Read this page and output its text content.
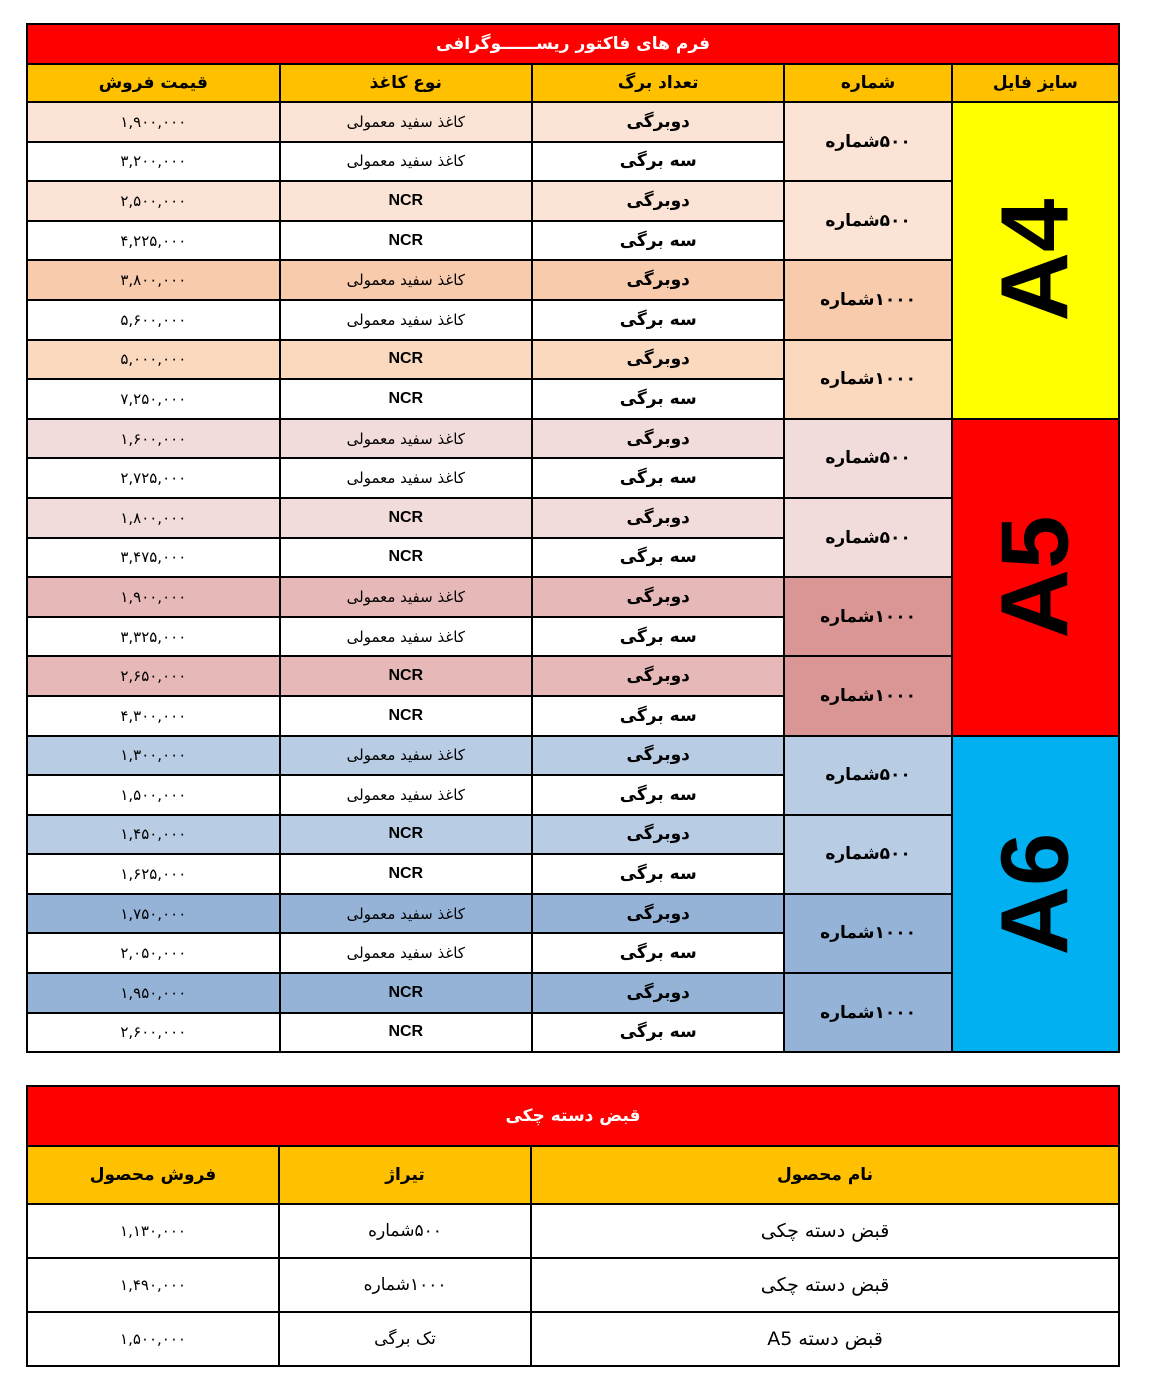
فرم های فاکتور ریســــــوگرافی				
سایز فایل	شماره	تعداد برگ	نوع کاغذ	قیمت فروش
A4	۵۰۰شماره	دوبرگی	کاغذ سفید معمولی	۱,۹۰۰,۰۰۰
		سه برگی	کاغذ سفید معمولی	۳,۲۰۰,۰۰۰
	۵۰۰شماره	دوبرگی	NCR	۲,۵۰۰,۰۰۰
		سه برگی	NCR	۴,۲۲۵,۰۰۰
	۱۰۰۰شماره	دوبرگی	کاغذ سفید معمولی	۳,۸۰۰,۰۰۰
		سه برگی	کاغذ سفید معمولی	۵,۶۰۰,۰۰۰
	۱۰۰۰شماره	دوبرگی	NCR	۵,۰۰۰,۰۰۰
		سه برگی	NCR	۷,۲۵۰,۰۰۰
A5	۵۰۰شماره	دوبرگی	کاغذ سفید معمولی	۱,۶۰۰,۰۰۰
		سه برگی	کاغذ سفید معمولی	۲,۷۲۵,۰۰۰
	۵۰۰شماره	دوبرگی	NCR	۱,۸۰۰,۰۰۰
		سه برگی	NCR	۳,۴۷۵,۰۰۰
	۱۰۰۰شماره	دوبرگی	کاغذ سفید معمولی	۱,۹۰۰,۰۰۰
		سه برگی	کاغذ سفید معمولی	۳,۳۲۵,۰۰۰
	۱۰۰۰شماره	دوبرگی	NCR	۲,۶۵۰,۰۰۰
		سه برگی	NCR	۴,۳۰۰,۰۰۰
A6	۵۰۰شماره	دوبرگی	کاغذ سفید معمولی	۱,۳۰۰,۰۰۰
		سه برگی	کاغذ سفید معمولی	۱,۵۰۰,۰۰۰
	۵۰۰شماره	دوبرگی	NCR	۱,۴۵۰,۰۰۰
		سه برگی	NCR	۱,۶۲۵,۰۰۰
	۱۰۰۰شماره	دوبرگی	کاغذ سفید معمولی	۱,۷۵۰,۰۰۰
		سه برگی	کاغذ سفید معمولی	۲,۰۵۰,۰۰۰
	۱۰۰۰شماره	دوبرگی	NCR	۱,۹۵۰,۰۰۰
		سه برگی	NCR	۲,۶۰۰,۰۰۰
قبض دسته چکی		
نام محصول	تیراژ	فروش محصول
قبض دسته چکی	۵۰۰شماره	۱,۱۳۰,۰۰۰
قبض دسته چکی	۱۰۰۰شماره	۱,۴۹۰,۰۰۰
قبض دسته A5	تک برگی	۱,۵۰۰,۰۰۰
